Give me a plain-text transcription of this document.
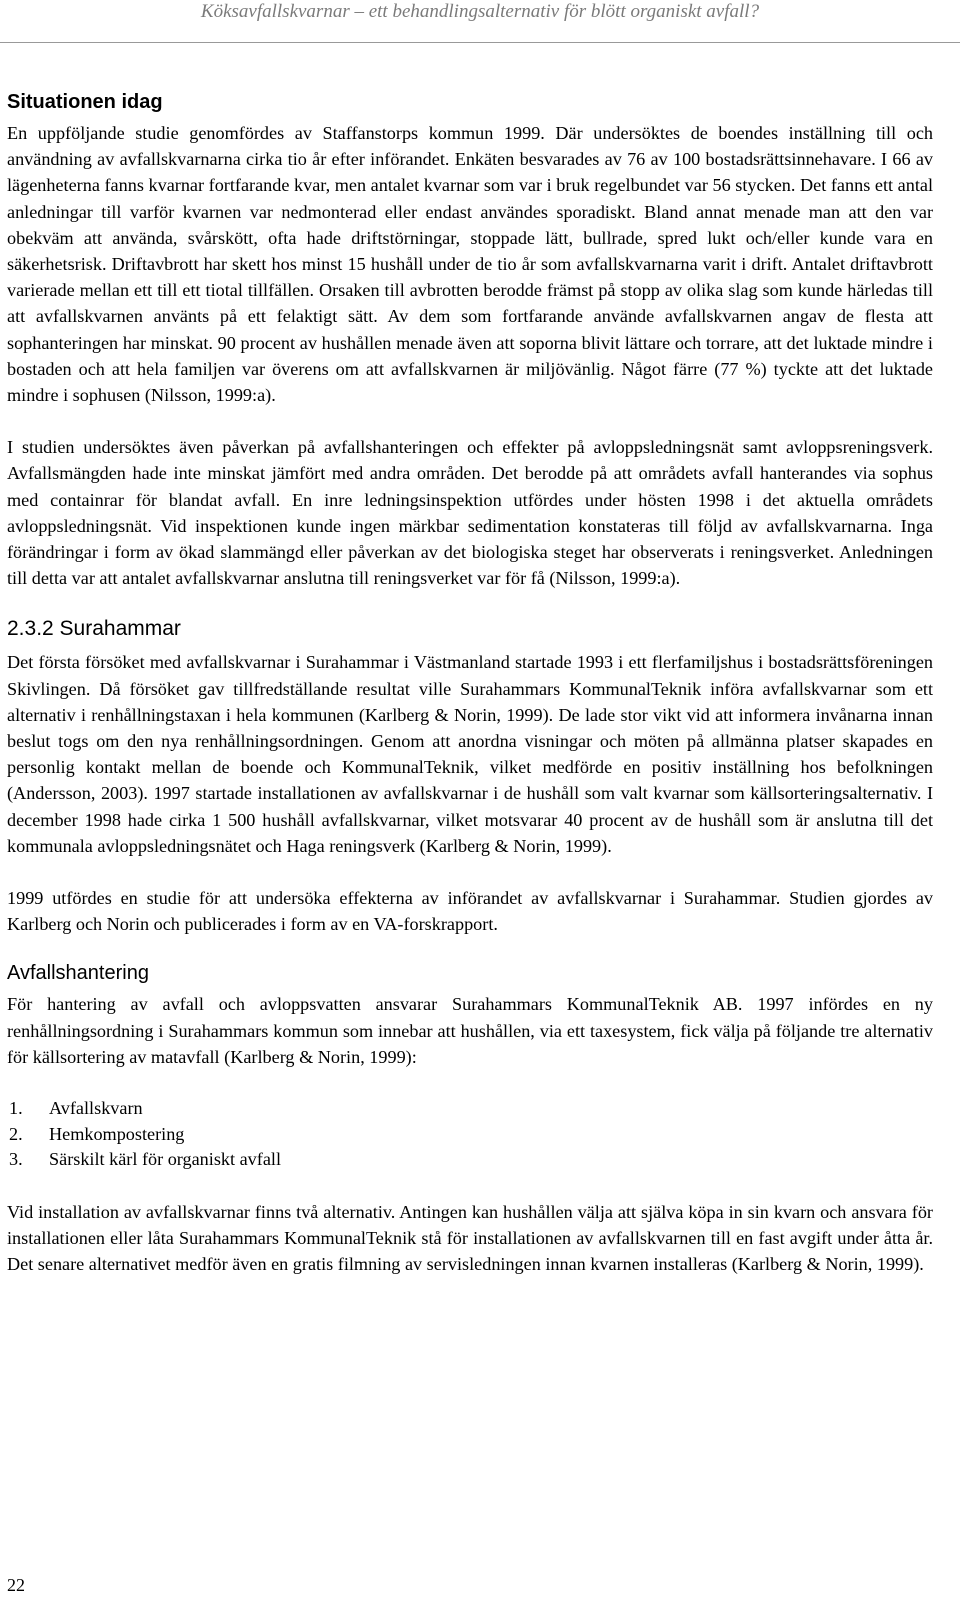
Köksavfallskvarnar – ett behandlingsalternativ för blött organiskt avfall?
Situationen idag

En uppföljande studie genomfördes av Staffanstorps kommun 1999. Där undersöktes de boendes inställning till och användning av avfallskvarnarna cirka tio år efter införandet. Enkäten besvarades av 76 av 100 bostadsrättsinnehavare. I 66 av lägenheterna fanns kvarnar fortfarande kvar, men antalet kvarnar som var i bruk regelbundet var 56 stycken. Det fanns ett antal anledningar till varför kvarnen var nedmonterad eller endast användes sporadiskt. Bland annat menade man att den var obekväm att använda, svårskött, ofta hade driftstörningar, stoppade lätt, bullrade, spred lukt och/eller kunde vara en säkerhetsrisk. Driftavbrott har skett hos minst 15 hushåll under de tio år som avfallskvarnarna varit i drift. Antalet driftavbrott varierade mellan ett till ett tiotal tillfällen. Orsaken till avbrotten berodde främst på stopp av olika slag som kunde härledas till att avfallskvarnen använts på ett felaktigt sätt. Av dem som fortfarande använde avfallskvarnen angav de flesta att sophanteringen har minskat. 90 procent av hushållen menade även att soporna blivit lättare och torrare, att det luktade mindre i bostaden och att hela familjen var överens om att avfallskvarnen är miljövänlig. Något färre (77 %) tyckte att det luktade mindre i sophusen (Nilsson, 1999:a).

I studien undersöktes även påverkan på avfallshanteringen och effekter på avloppsledningsnät samt avloppsreningsverk. Avfallsmängden hade inte minskat jämfört med andra områden. Det berodde på att områdets avfall hanterandes via sophus med containrar för blandat avfall. En inre ledningsinspektion utfördes under hösten 1998 i det aktuella områdets avloppsledningsnät. Vid inspektionen kunde ingen märkbar sedimentation konstateras till följd av avfallskvarnarna. Inga förändringar i form av ökad slammängd eller påverkan av det biologiska steget har observerats i reningsverket. Anledningen till detta var att antalet avfallskvarnar anslutna till reningsverket var för få (Nilsson, 1999:a).

2.3.2 Surahammar

Det första försöket med avfallskvarnar i Surahammar i Västmanland startade 1993 i ett flerfamiljshus i bostadsrättsföreningen Skivlingen. Då försöket gav tillfredställande resultat ville Surahammars KommunalTeknik införa avfallskvarnar som ett alternativ i renhållningstaxan i hela kommunen (Karlberg & Norin, 1999). De lade stor vikt vid att informera invånarna innan beslut togs om den nya renhållningsordningen. Genom att anordna visningar och möten på allmänna platser skapades en personlig kontakt mellan de boende och KommunalTeknik, vilket medförde en positiv inställning hos befolkningen (Andersson, 2003). 1997 startade installationen av avfallskvarnar i de hushåll som valt kvarnar som källsorteringsalternativ. I december 1998 hade cirka 1 500 hushåll avfallskvarnar, vilket motsvarar 40 procent av de hushåll som är anslutna till det kommunala avloppsledningsnätet och Haga reningsverk (Karlberg & Norin, 1999).

1999 utfördes en studie för att undersöka effekterna av införandet av avfallskvarnar i Surahammar. Studien gjordes av Karlberg och Norin och publicerades i form av en VA-forskrapport.

Avfallshantering

För hantering av avfall och avloppsvatten ansvarar Surahammars KommunalTeknik AB. 1997 infördes en ny renhållningsordning i Surahammars kommun som innebar att hushållen, via ett taxesystem, fick välja på följande tre alternativ för källsortering av matavfall (Karlberg & Norin, 1999):

1. Avfallskvarn
2. Hemkompostering
3. Särskilt kärl för organiskt avfall

Vid installation av avfallskvarnar finns två alternativ. Antingen kan hushållen välja att själva köpa in sin kvarn och ansvara för installationen eller låta Surahammars KommunalTeknik stå för installationen av avfallskvarnen till en fast avgift under åtta år. Det senare alternativet medför även en gratis filmning av servisledningen innan kvarnen installeras (Karlberg & Norin, 1999).

22
